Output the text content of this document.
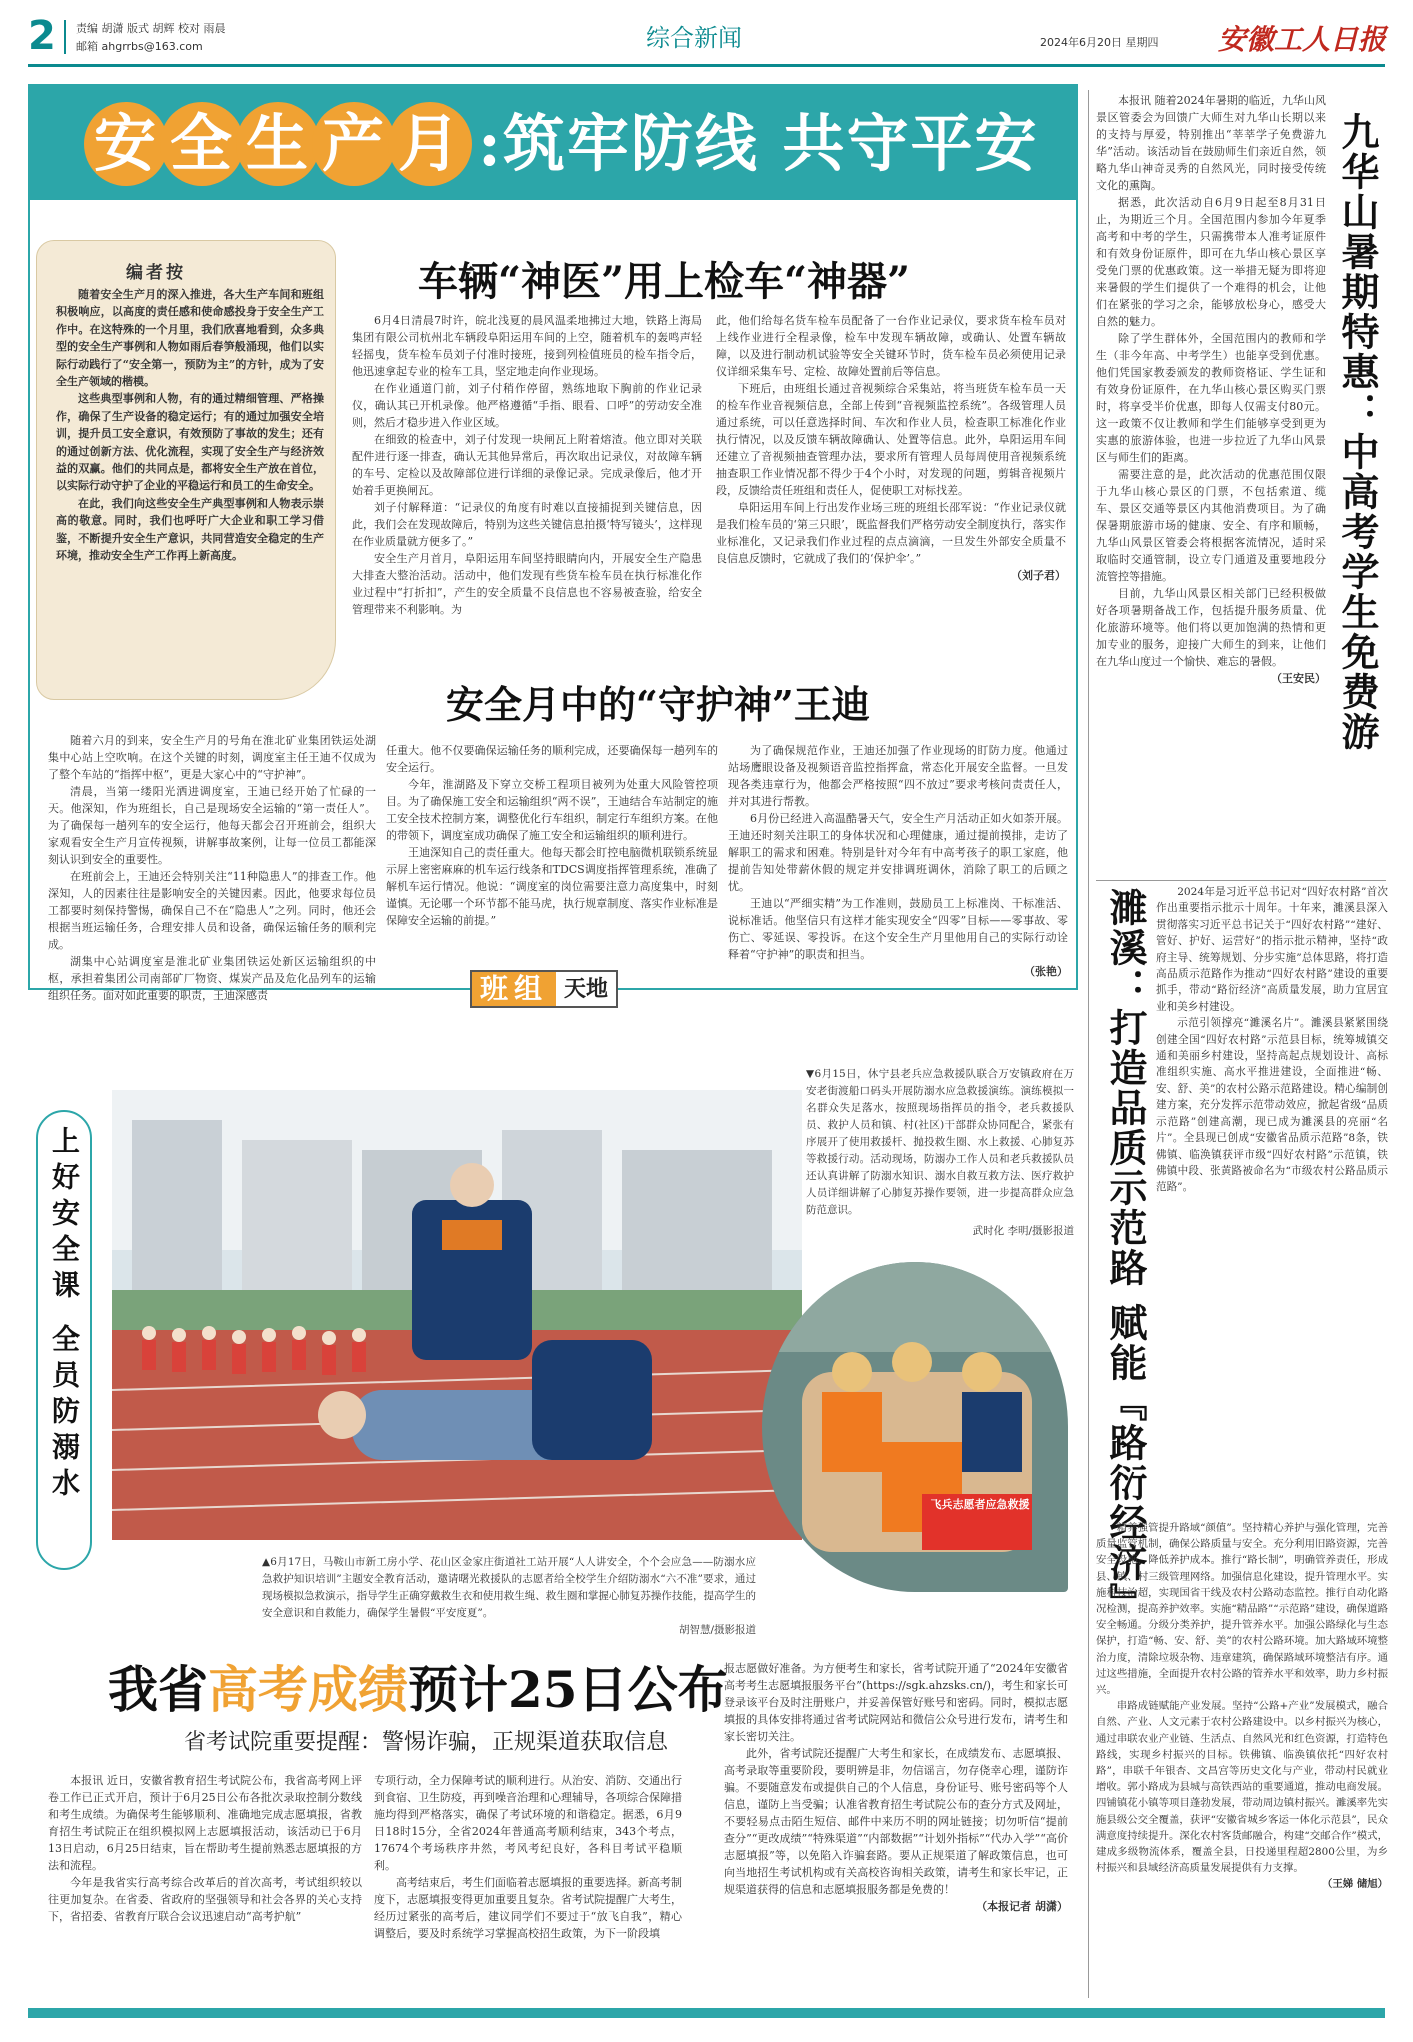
2 责编 胡潇 版式 胡辉 校对 雨晨
邮箱 ahgrrbs@163.com	综合新闻	2024年6月20日 星期四 安徽工人日报
安 全 生 产 月 :筑牢防线 共守平安
编者按

随着安全生产月的深入推进，各大生产车间和班组积极响应，以高度的责任感和使命感投身于安全生产工作中。在这特殊的一个月里，我们欣喜地看到，众多典型的安全生产事例和人物如雨后春笋般涌现，他们以实际行动践行了“安全第一，预防为主”的方针，成为了安全生产领域的楷模。

这些典型事例和人物，有的通过精细管理、严格操作，确保了生产设备的稳定运行；有的通过加强安全培训，提升员工安全意识，有效预防了事故的发生；还有的通过创新方法、优化流程，实现了安全生产与经济效益的双赢。他们的共同点是，都将安全生产放在首位，以实际行动守护了企业的平稳运行和员工的生命安全。

在此，我们向这些安全生产典型事例和人物表示崇高的敬意。同时，我们也呼吁广大企业和职工学习借鉴，不断提升安全生产意识，共同营造安全稳定的生产环境，推动安全生产工作再上新高度。

车辆“神医”用上检车“神器”

6月4日清晨7时许，皖北浅夏的晨风温柔地拂过大地，铁路上海局集团有限公司杭州北车辆段阜阳运用车间的上空，随着机车的轰鸣声轻轻摇曳，货车检车员刘子付准时接班，接到列检值班员的检车指令后，他迅速拿起专业的检车工具，坚定地走向作业现场。

在作业通道门前，刘子付稍作停留，熟练地取下胸前的作业记录仪，确认其已开机录像。他严格遵循“手指、眼看、口呼”的劳动安全准则，然后才稳步进入作业区域。

在细致的检查中，刘子付发现一块闸瓦上附着熔渣。他立即对关联配件进行逐一排查，确认无其他异常后，再次取出记录仪，对故障车辆的车号、定检以及故障部位进行详细的录像记录。完成录像后，他才开始着手更换闸瓦。

刘子付解释道：“记录仪的角度有时难以直接捕捉到关键信息，因此，我们会在发现故障后，特别为这些关键信息拍摄‘特写镜头’，这样现在作业质量就方便多了。”

安全生产月首月，阜阳运用车间坚持眼睛向内，开展安全生产隐患大排查大整治活动。活动中，他们发现有些货车检车员在执行标准化作业过程中“打折扣”，产生的安全质量不良信息也不容易被查验，给安全管理带来不利影响。为

此，他们给每名货车检车员配备了一台作业记录仪，要求货车检车员对上线作业进行全程录像，检车中发现车辆故障，或确认、处置车辆故障，以及进行制动机试验等安全关键环节时，货车检车员必须使用记录仪详细采集车号、定检、故障处置前后等信息。

下班后，由班组长通过音视频综合采集站，将当班货车检车员一天的检车作业音视频信息，全部上传到“音视频监控系统”。各级管理人员通过系统，可以任意选择时间、车次和作业人员，检查职工标准化作业执行情况，以及反馈车辆故障确认、处置等信息。此外，阜阳运用车间还建立了音视频抽查管理办法，要求所有管理人员每周使用音视频系统抽查职工作业情况都不得少于4个小时，对发现的问题，剪辑音视频片段，反馈给责任班组和责任人，促使职工对标找差。

阜阳运用车间上行出发作业场三班的班组长邵军说：“作业记录仪就是我们检车员的‘第三只眼’，既监督我们严格劳动安全制度执行，落实作业标准化，又记录我们作业过程的点点滴滴，一旦发生外部安全质量不良信息反馈时，它就成了我们的‘保护伞’。”

（刘子君）

安全月中的“守护神”王迪

随着六月的到来，安全生产月的号角在淮北矿业集团铁运处湖集中心站上空吹响。在这个关键的时刻，调度室主任王迪不仅成为了整个车站的“指挥中枢”，更是大家心中的“守护神”。

清晨，当第一缕阳光洒进调度室，王迪已经开始了忙碌的一天。他深知，作为班组长，自己是现场安全运输的“第一责任人”。为了确保每一趟列车的安全运行，他每天都会召开班前会，组织大家观看安全生产月宣传视频，讲解事故案例，让每一位员工都能深刻认识到安全的重要性。

在班前会上，王迪还会特别关注“11种隐患人”的排查工作。他深知，人的因素往往是影响安全的关键因素。因此，他要求每位员工都要时刻保持警惕，确保自己不在“隐患人”之列。同时，他还会根据当班运输任务，合理安排人员和设备，确保运输任务的顺利完成。

湖集中心站调度室是淮北矿业集团铁运处新区运输组织的中枢，承担着集团公司南部矿厂物资、煤炭产品及危化品列车的运输组织任务。面对如此重要的职责，王迪深感责

任重大。他不仅要确保运输任务的顺利完成，还要确保每一趟列车的安全运行。

今年，淮湖路及下穿立交桥工程项目被列为处重大风险管控项目。为了确保施工安全和运输组织“两不误”，王迪结合车站制定的施工安全技术控制方案，调整优化行车组织，制定行车组织方案。在他的带领下，调度室成功确保了施工安全和运输组织的顺利进行。

王迪深知自己的责任重大。他每天都会盯控电脑微机联锁系统显示屏上密密麻麻的机车运行线条和TDCS调度指挥管理系统，准确了解机车运行情况。他说：“调度室的岗位需要注意力高度集中，时刻谨慎。无论哪一个环节都不能马虎，执行规章制度、落实作业标准是保障安全运输的前提。”

为了确保规范作业，王迪还加强了作业现场的盯防力度。他通过站场鹰眼设备及视频语音监控指挥盒，常态化开展安全监督。一旦发现各类违章行为，他都会严格按照“四不放过”要求考核问责责任人，并对其进行帮教。

6月份已经进入高温酷暑天气，安全生产月活动正如火如荼开展。王迪还时刻关注职工的身体状况和心理健康，通过提前摸排，走访了解职工的需求和困难。特别是针对今年有中高考孩子的职工家庭，他提前告知处带薪休假的规定并安排调班调休，消除了职工的后顾之忧。

王迪以“严细实精”为工作准则，鼓励员工上标准岗、干标准活、说标准话。他坚信只有这样才能实现安全“四零”目标——零事故、零伤亡、零延误、零投诉。在这个安全生产月里他用自己的实际行动诠释着“守护神”的职责和担当。

（张艳）

班组 天地
上好安全课 全员防溺水
飞兵志愿者应急救援

▼6月15日，休宁县老兵应急救援队联合万安镇政府在万安老街渡船口码头开展防溺水应急救援演练。演练模拟一名群众失足落水，按照现场指挥员的指令，老兵救援队员、救护人员和镇、村(社区)干部群众协同配合，紧张有序展开了使用救援杆、抛投救生圈、水上救援、心肺复苏等救援行动。活动现场，防溺办工作人员和老兵救援队员还认真讲解了防溺水知识、溺水自救互救方法、医疗救护人员详细讲解了心肺复苏操作要领，进一步提高群众应急防范意识。

武时化 李明/摄影报道

▲6月17日，马鞍山市新工房小学、花山区金家庄街道社工站开展“人人讲安全，个个会应急——防溺水应急救护知识培训”主题安全教育活动，邀请曙光救援队的志愿者给全校学生介绍防溺水“六不准”要求，通过现场模拟急救演示，指导学生正确穿戴救生衣和使用救生绳、救生圈和掌握心肺复苏操作技能，提高学生的安全意识和自救能力，确保学生暑假“平安度夏”。

胡智慧/摄影报道

我省高考成绩预计25日公布
省考试院重要提醒：警惕诈骗，正规渠道获取信息

本报讯 近日，安徽省教育招生考试院公布，我省高考网上评卷工作已正式开启，预计于6月25日公布各批次录取控制分数线和考生成绩。为确保考生能够顺利、准确地完成志愿填报，省教育招生考试院正在组织模拟网上志愿填报活动，该活动已于6月13日启动，6月25日结束，旨在帮助考生提前熟悉志愿填报的方法和流程。

今年是我省实行高考综合改革后的首次高考，考试组织较以往更加复杂。在省委、省政府的坚强领导和社会各界的关心支持下，省招委、省教育厅联合会议迅速启动“高考护航”

专项行动，全力保障考试的顺利进行。从治安、消防、交通出行到食宿、卫生防疫，再到噪音治理和心理辅导，各项综合保障措施均得到严格落实，确保了考试环境的和谐稳定。据悉，6月9日18时15分，全省2024年普通高考顺利结束，343个考点，17674个考场秩序井然，考风考纪良好，各科目考试平稳顺利。

高考结束后，考生们面临着志愿填报的重要选择。新高考制度下，志愿填报变得更加重要且复杂。省考试院提醒广大考生，经历过紧张的高考后，建议同学们不要过于“放飞自我”，精心调整后，要及时系统学习掌握高校招生政策，为下一阶段填

报志愿做好准备。为方便考生和家长，省考试院开通了“2024年安徽省高考考生志愿填报服务平台”(https://sgk.ahzsks.cn/)，考生和家长可登录该平台及时注册账户，并妥善保管好账号和密码。同时，模拟志愿填报的具体安排将通过省考试院网站和微信公众号进行发布，请考生和家长密切关注。

此外，省考试院还提醒广大考生和家长，在成绩发布、志愿填报、高考录取等重要阶段，要明辨是非，勿信谣言，勿存侥幸心理，谨防诈骗。不要随意发布或提供自己的个人信息，身份证号、账号密码等个人信息，谨防上当受骗；认准省教育招生考试院公布的查分方式及网址，不要轻易点击陌生短信、邮件中来历不明的网址链接；切勿听信“提前查分”“更改成绩”“特殊渠道”“内部数据”“计划外指标”“代办入学”“高价志愿填报”等，以免陷入诈骗套路。要从正规渠道了解政策信息，也可向当地招生考试机构或有关高校咨询相关政策，请考生和家长牢记，正规渠道获得的信息和志愿填报服务都是免费的！

（本报记者 胡潇）

本报讯 随着2024年暑期的临近，九华山风景区管委会为回馈广大师生对九华山长期以来的支持与厚爱，特别推出“莘莘学子免费游九华”活动。该活动旨在鼓励师生们亲近自然，领略九华山神奇灵秀的自然风光，同时接受传统文化的熏陶。

据悉，此次活动自6月9日起至8月31日止，为期近三个月。全国范围内参加今年夏季高考和中考的学生，只需携带本人准考证原件和有效身份证原件，即可在九华山核心景区享受免门票的优惠政策。这一举措无疑为即将迎来暑假的学生们提供了一个难得的机会，让他们在紧张的学习之余，能够放松身心，感受大自然的魅力。

除了学生群体外，全国范围内的教师和学生（非今年高、中考学生）也能享受到优惠。他们凭国家教委颁发的教师资格证、学生证和有效身份证原件，在九华山核心景区购买门票时，将享受半价优惠，即每人仅需支付80元。这一政策不仅让教师和学生们能够享受到更为实惠的旅游体验，也进一步拉近了九华山风景区与师生们的距离。

需要注意的是，此次活动的优惠范围仅限于九华山核心景区的门票，不包括索道、缆车、景区交通等景区内其他消费项目。为了确保暑期旅游市场的健康、安全、有序和顺畅，九华山风景区管委会将根据客流情况，适时采取临时交通管制，设立专门通道及重要地段分流管控等措施。

目前，九华山风景区相关部门已经积极做好各项暑期备战工作，包括提升服务质量、优化旅游环境等。他们将以更加饱满的热情和更加专业的服务，迎接广大师生的到来，让他们在九华山度过一个愉快、难忘的暑假。

（王安民） 九华山暑期特惠：中高考学生免费游
濉溪：打造品质示范路 赋能『路衍经济』	2024年是习近平总书记对“四好农村路”首次作出重要指示批示十周年。十年来，濉溪县深入贯彻落实习近平总书记关于“四好农村路”“建好、管好、护好、运营好”的指示批示精神，坚持“政府主导、统筹规划、分步实施”总体思路，将打造高品质示范路作为推动“四好农村路”建设的重要抓手，带动“路衍经济”高质量发展，助力宜居宜业和美乡村建设。

示范引领撑亮“濉溪名片”。濉溪县紧紧围绕创建全国“四好农村路”示范县目标，统筹城镇交通和美丽乡村建设，坚持高起点规划设计、高标准组织实施、高水平推进建设，全面推进“畅、安、舒、美”的农村公路示范路建设。精心编制创建方案，充分发挥示范带动效应，掀起省级“品质示范路”创建高潮，现已成为濉溪县的亮丽“名片”。全县现已创成“安徽省品质示范路”8条，铁佛镇、临涣镇获评市级“四好农村路”示范镇，铁佛镇中段、张黄路被命名为“市级农村公路品质示范路”。

精养强管提升路域“颜值”。坚持精心养护与强化管理，完善质量监管机制，确保公路质量与安全。充分利用旧路资源，完善安全设施，降低养护成本。推行“路长制”，明确管养责任，形成县、镇、村三级管理网络。加强信息化建设，提升管理水平。实施科技治超，实现国省干线及农村公路动态监控。推行自动化路况检测，提高养护效率。实施“精品路”“示范路”建设，确保道路安全畅通。分级分类养护，提升管养水平。加强公路绿化与生态保护，打造“畅、安、舒、美”的农村公路环境。加大路域环境整治力度，清除垃圾杂物、违章建筑，确保路域环境整洁有序。通过这些措施，全面提升农村公路的管养水平和效率，助力乡村振兴。

串路成链赋能产业发展。坚持“公路+产业”发展模式，融合自然、产业、人文元素于农村公路建设中。以乡村振兴为核心，通过串联农业产业链、生活点、自然风光和红色资源，打造特色路线，实现乡村振兴的目标。铁佛镇、临涣镇依托“四好农村路”，串联千年银杏、文昌宫等历史文化与产业，带动村民就业增收。郭小路成为县城与高铁西站的重要通道，推动电商发展。四铺镇花小镇等项目蓬勃发展，带动周边镇村振兴。濉溪率先实施县级公交全覆盖，获评“安徽省城乡客运一体化示范县”，民众满意度持续提升。深化农村客货邮融合，构建“交邮合作”模式，建成多级物流体系，覆盖全县，日投递里程超2800公里，为乡村振兴和县域经济高质量发展提供有力支撑。

（王娣 储旭）
